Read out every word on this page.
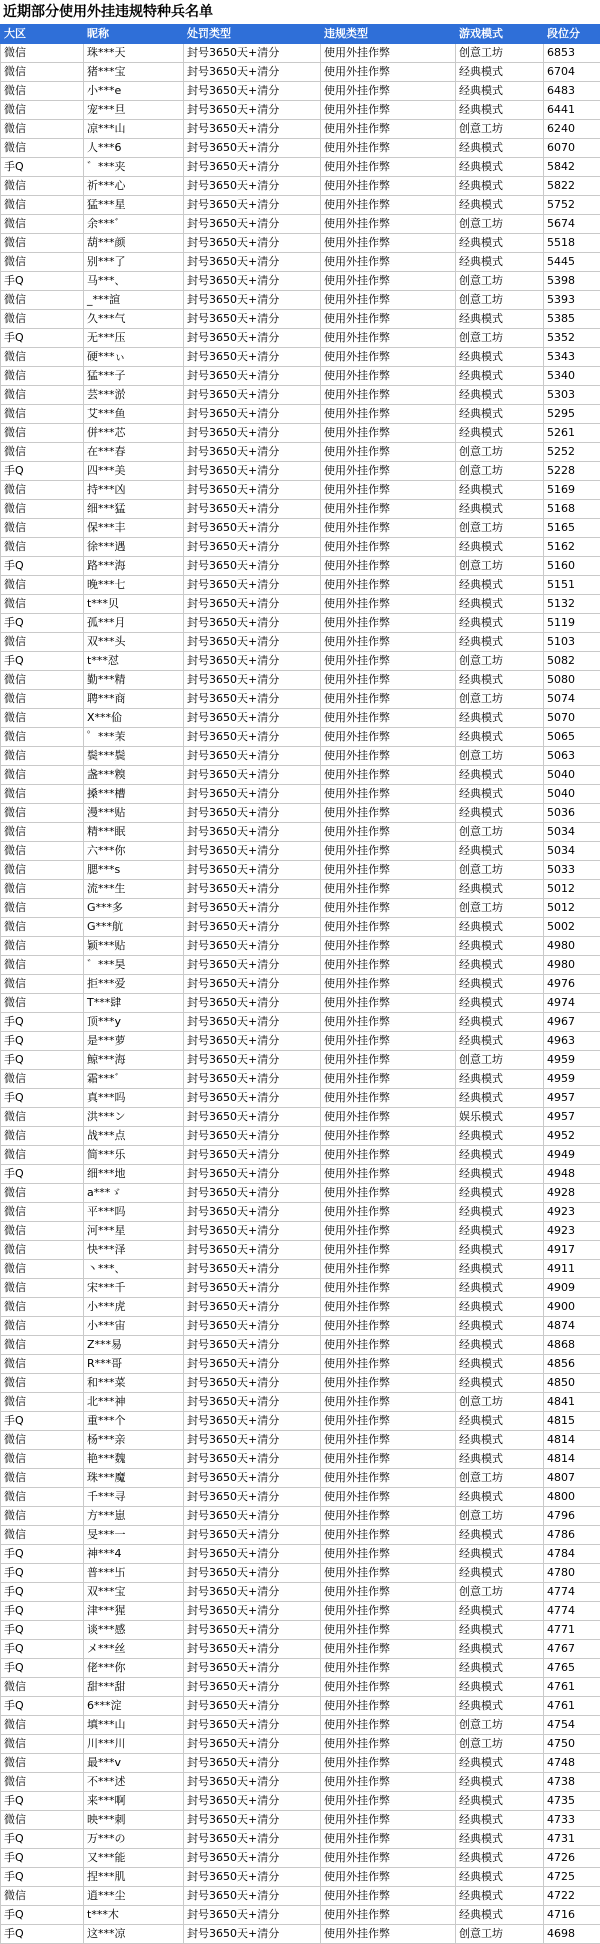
近期部分使用外挂违规特种兵名单
大区	昵称	处罚类型	违规类型	游戏模式	段位分
微信	珠***天	封号3650天+清分	使用外挂作弊	创意工坊	6853
微信	猪***宝	封号3650天+清分	使用外挂作弊	经典模式	6704
微信	小***e	封号3650天+清分	使用外挂作弊	经典模式	6483
微信	宠***旦	封号3650天+清分	使用外挂作弊	经典模式	6441
微信	凉***山	封号3650天+清分	使用外挂作弊	创意工坊	6240
微信	人***6	封号3650天+清分	使用外挂作弊	经典模式	6070
手Q	゛***夹	封号3650天+清分	使用外挂作弊	经典模式	5842
微信	祈***心	封号3650天+清分	使用外挂作弊	经典模式	5822
微信	猛***星	封号3650天+清分	使用外挂作弊	经典模式	5752
微信	余***゛	封号3650天+清分	使用外挂作弊	创意工坊	5674
微信	葫***颜	封号3650天+清分	使用外挂作弊	经典模式	5518
微信	别***了	封号3650天+清分	使用外挂作弊	经典模式	5445
手Q	马***、	封号3650天+清分	使用外挂作弊	创意工坊	5398
微信	_***諠	封号3650天+清分	使用外挂作弊	创意工坊	5393
微信	久***气	封号3650天+清分	使用外挂作弊	经典模式	5385
手Q	无***压	封号3650天+清分	使用外挂作弊	创意工坊	5352
微信	硬***ぃ	封号3650天+清分	使用外挂作弊	经典模式	5343
微信	猛***子	封号3650天+清分	使用外挂作弊	经典模式	5340
微信	芸***淤	封号3650天+清分	使用外挂作弊	经典模式	5303
微信	艾***鱼	封号3650天+清分	使用外挂作弊	经典模式	5295
微信	併***芯	封号3650天+清分	使用外挂作弊	经典模式	5261
微信	在***春	封号3650天+清分	使用外挂作弊	创意工坊	5252
手Q	四***美	封号3650天+清分	使用外挂作弊	创意工坊	5228
微信	持***凶	封号3650天+清分	使用外挂作弊	经典模式	5169
微信	细***猛	封号3650天+清分	使用外挂作弊	经典模式	5168
微信	保***丰	封号3650天+清分	使用外挂作弊	创意工坊	5165
微信	徐***遇	封号3650天+清分	使用外挂作弊	经典模式	5162
手Q	路***海	封号3650天+清分	使用外挂作弊	创意工坊	5160
微信	晚***七	封号3650天+清分	使用外挂作弊	经典模式	5151
微信	t***贝	封号3650天+清分	使用外挂作弊	经典模式	5132
手Q	孤***月	封号3650天+清分	使用外挂作弊	经典模式	5119
微信	双***头	封号3650天+清分	使用外挂作弊	经典模式	5103
手Q	t***怼	封号3650天+清分	使用外挂作弊	创意工坊	5082
微信	勤***精	封号3650天+清分	使用外挂作弊	经典模式	5080
微信	聘***商	封号3650天+清分	使用外挂作弊	创意工坊	5074
微信	X***佡	封号3650天+清分	使用外挂作弊	经典模式	5070
微信	゜***茉	封号3650天+清分	使用外挂作弊	经典模式	5065
微信	鬓***鬓	封号3650天+清分	使用外挂作弊	创意工坊	5063
微信	盏***糗	封号3650天+清分	使用外挂作弊	经典模式	5040
微信	搡***槽	封号3650天+清分	使用外挂作弊	经典模式	5040
微信	漫***贴	封号3650天+清分	使用外挂作弊	经典模式	5036
微信	精***眠	封号3650天+清分	使用外挂作弊	创意工坊	5034
微信	六***你	封号3650天+清分	使用外挂作弊	经典模式	5034
微信	腮***s	封号3650天+清分	使用外挂作弊	创意工坊	5033
微信	流***生	封号3650天+清分	使用外挂作弊	经典模式	5012
微信	G***多	封号3650天+清分	使用外挂作弊	创意工坊	5012
微信	G***航	封号3650天+清分	使用外挂作弊	经典模式	5002
微信	颖***贴	封号3650天+清分	使用外挂作弊	经典模式	4980
微信	゛***昊	封号3650天+清分	使用外挂作弊	经典模式	4980
微信	拒***爱	封号3650天+清分	使用外挂作弊	经典模式	4976
微信	T***肆	封号3650天+清分	使用外挂作弊	经典模式	4974
手Q	顶***y	封号3650天+清分	使用外挂作弊	经典模式	4967
手Q	是***萝	封号3650天+清分	使用外挂作弊	经典模式	4963
手Q	鲸***海	封号3650天+清分	使用外挂作弊	创意工坊	4959
微信	霜***゛	封号3650天+清分	使用外挂作弊	经典模式	4959
手Q	真***吗	封号3650天+清分	使用外挂作弊	经典模式	4957
微信	洪***ン	封号3650天+清分	使用外挂作弊	娱乐模式	4957
微信	战***点	封号3650天+清分	使用外挂作弊	经典模式	4952
微信	简***乐	封号3650天+清分	使用外挂作弊	经典模式	4949
手Q	细***地	封号3650天+清分	使用外挂作弊	经典模式	4948
微信	a***ゞ	封号3650天+清分	使用外挂作弊	经典模式	4928
微信	平***吗	封号3650天+清分	使用外挂作弊	经典模式	4923
微信	河***星	封号3650天+清分	使用外挂作弊	经典模式	4923
微信	快***泽	封号3650天+清分	使用外挂作弊	经典模式	4917
微信	丶***、	封号3650天+清分	使用外挂作弊	经典模式	4911
微信	宋***千	封号3650天+清分	使用外挂作弊	经典模式	4909
微信	小***虎	封号3650天+清分	使用外挂作弊	经典模式	4900
微信	小***宙	封号3650天+清分	使用外挂作弊	经典模式	4874
微信	Z***易	封号3650天+清分	使用外挂作弊	经典模式	4868
微信	R***哥	封号3650天+清分	使用外挂作弊	经典模式	4856
微信	和***菜	封号3650天+清分	使用外挂作弊	经典模式	4850
微信	北***神	封号3650天+清分	使用外挂作弊	创意工坊	4841
手Q	重***个	封号3650天+清分	使用外挂作弊	经典模式	4815
微信	杨***亲	封号3650天+清分	使用外挂作弊	经典模式	4814
微信	艳***魏	封号3650天+清分	使用外挂作弊	经典模式	4814
微信	珠***魔	封号3650天+清分	使用外挂作弊	创意工坊	4807
微信	千***寻	封号3650天+清分	使用外挂作弊	经典模式	4800
微信	方***崽	封号3650天+清分	使用外挂作弊	创意工坊	4796
微信	旻***一	封号3650天+清分	使用外挂作弊	经典模式	4786
手Q	神***4	封号3650天+清分	使用外挂作弊	经典模式	4784
手Q	普***卐	封号3650天+清分	使用外挂作弊	经典模式	4780
手Q	双***宝	封号3650天+清分	使用外挂作弊	创意工坊	4774
手Q	津***猩	封号3650天+清分	使用外挂作弊	经典模式	4774
手Q	谈***感	封号3650天+清分	使用外挂作弊	经典模式	4771
手Q	メ***丝	封号3650天+清分	使用外挂作弊	经典模式	4767
手Q	佬***你	封号3650天+清分	使用外挂作弊	经典模式	4765
微信	甜***甜	封号3650天+清分	使用外挂作弊	经典模式	4761
手Q	6***淀	封号3650天+清分	使用外挂作弊	经典模式	4761
微信	填***山	封号3650天+清分	使用外挂作弊	创意工坊	4754
微信	川***川	封号3650天+清分	使用外挂作弊	创意工坊	4750
微信	最***v	封号3650天+清分	使用外挂作弊	经典模式	4748
微信	不***述	封号3650天+清分	使用外挂作弊	经典模式	4738
手Q	来***啊	封号3650天+清分	使用外挂作弊	经典模式	4735
微信	映***刺	封号3650天+清分	使用外挂作弊	经典模式	4733
手Q	万***の	封号3650天+清分	使用外挂作弊	经典模式	4731
手Q	又***能	封号3650天+清分	使用外挂作弊	经典模式	4726
手Q	捏***肌	封号3650天+清分	使用外挂作弊	经典模式	4725
微信	逍***尘	封号3650天+清分	使用外挂作弊	经典模式	4722
手Q	t***木	封号3650天+清分	使用外挂作弊	经典模式	4716
手Q	这***凉	封号3650天+清分	使用外挂作弊	创意工坊	4698
